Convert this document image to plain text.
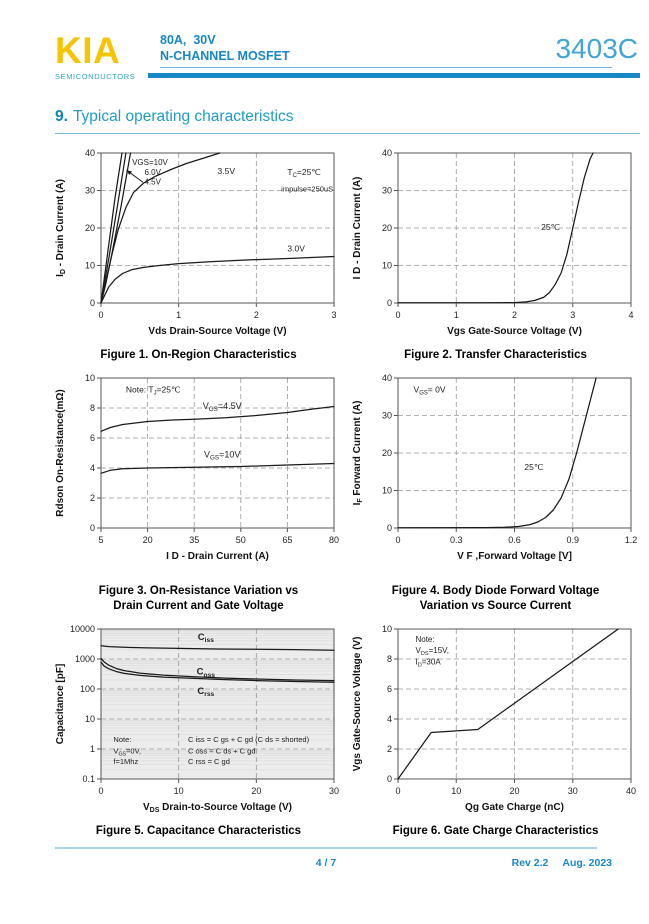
KIA
SEMICONDUCTORS
80A,  30V
N-CHANNEL MOSFET	3403C
9. Typical operating characteristics
0	1	2	3
0
10
20
30
40
VGS=10V
6.0V
4.5V
3.5V	$T_C=25℃$
impulse=250uS
3.0V
Vds Drain-Source Voltage (V)
$I_D$ - Drain Current (A)
Figure 1. On-Region Characteristics
0	1	2	3	4
0
10
20
30
40
25℃
Vgs Gate-Source Voltage (V)
I D - Drain Current (A)
Figure 2. Transfer Characteristics
5	20	35	50	65	80
0
2
4
6
8
10
Note: $T_J=25℃$
$V_{GS}=4.5V$
$V_{GS}=10V$
I D - Drain Current (A)
Rdson On-Resistance(mΩ)
Figure 3. On-Resistance Variation vs
Drain Current and Gate Voltage
0	0.3	0.6	0.9	1.2
0
10
20
30
40
$V_{GS}= 0V$
25℃
V F ,Forward Voltage [V]
$I_F$ Forward Current (A)
Figure 4. Body Diode Forward Voltage
Variation vs Source Current
0	10	20	30
10000
1000
100
10
1
0.1
$C_{iss}$
$C_{oss}$
$C_{rss}$
Note:
$V_{GS}=0V$,
f=1Mhz
C iss = C gs + C gd (C ds = shorted)
C oss = C ds + C gd
C rss = C gd
$V_{DS}$ Drain-to-Source Voltage (V)
Capacitance [pF]
Figure 5. Capacitance Characteristics
0	10	20	30	40
0
2
4
6
8
10
Note:
$V_{DS}=15V$,
$I_D=30A$
Qg Gate Charge (nC)
Vgs Gate-Source Voltage (V)
Figure 6. Gate Charge Characteristics
4 / 7	Rev 2.2 Aug. 2023
